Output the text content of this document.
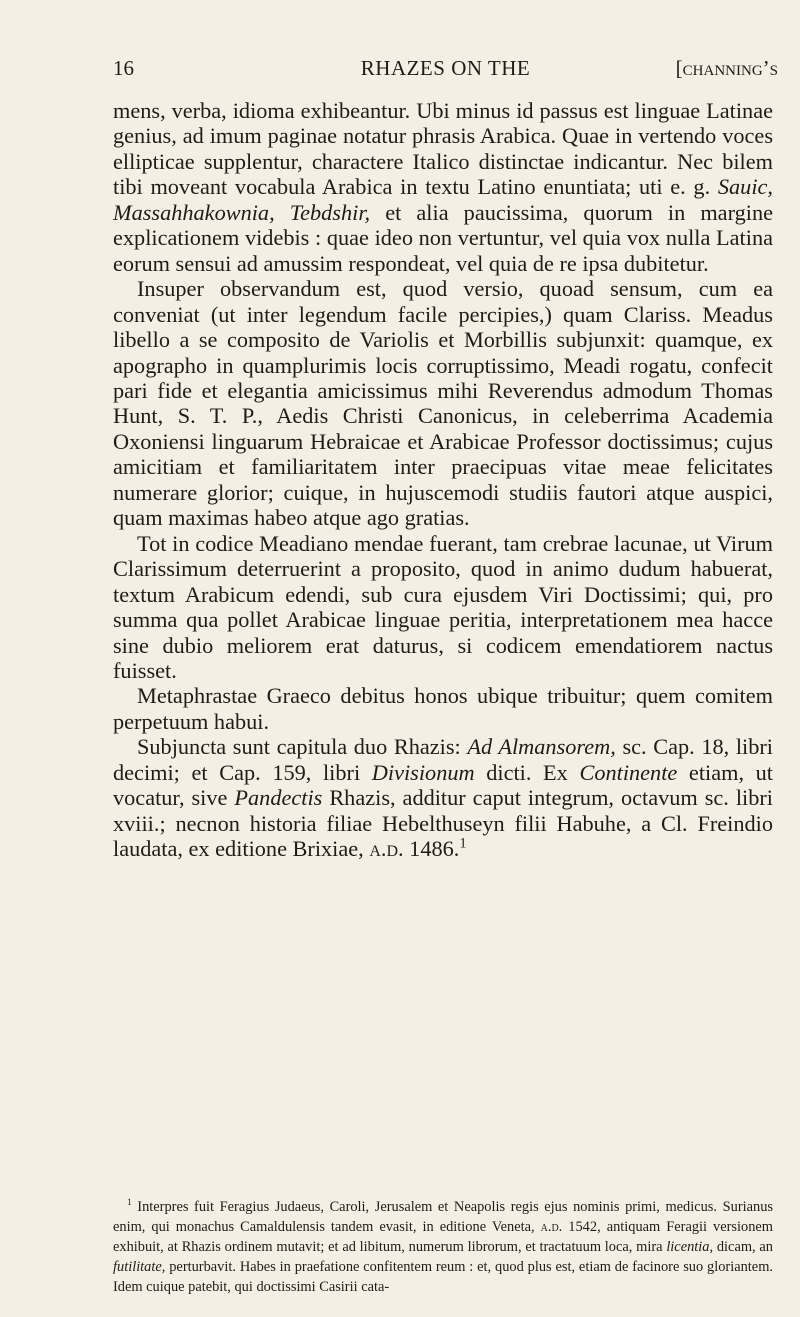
16	RHAZES ON THE	[channing’s

mens, verba, idioma exhibeantur. Ubi minus id passus est linguae Latinae genius, ad imum paginae notatur phrasis Arabica. Quae in vertendo voces ellipticae supplentur, charactere Italico distinctae indicantur. Nec bilem tibi moveant vocabula Arabica in textu Latino enuntiata; uti e. g. Sauic, Massahhakownia, Tebdshir, et alia paucissima, quorum in margine explicationem videbis : quae ideo non vertuntur, vel quia vox nulla Latina eorum sensui ad amussim respondeat, vel quia de re ipsa dubitetur.

Insuper observandum est, quod versio, quoad sensum, cum ea conveniat (ut inter legendum facile percipies,) quam Clariss. Meadus libello a se composito de Variolis et Morbillis subjunxit: quamque, ex apographo in quamplurimis locis corruptissimo, Meadi rogatu, confecit pari fide et elegantia amicissimus mihi Reverendus admodum Thomas Hunt, S. T. P., Aedis Christi Canonicus, in celeberrima Academia Oxoniensi linguarum Hebraicae et Arabicae Professor doctissimus; cujus amicitiam et familiaritatem inter praecipuas vitae meae felicitates numerare glorior; cuique, in hujuscemodi studiis fautori atque auspici, quam maximas habeo atque ago gratias.

Tot in codice Meadiano mendae fuerant, tam crebrae lacunae, ut Virum Clarissimum deterruerint a proposito, quod in animo dudum habuerat, textum Arabicum edendi, sub cura ejusdem Viri Doctissimi; qui, pro summa qua pollet Arabicae linguae peritia, interpretationem mea hacce sine dubio meliorem erat daturus, si codicem emendatiorem nactus fuisset.

Metaphrastae Graeco debitus honos ubique tribuitur; quem comitem perpetuum habui.

Subjuncta sunt capitula duo Rhazis: Ad Almansorem, sc. Cap. 18, libri decimi; et Cap. 159, libri Divisionum dicti. Ex Continente etiam, ut vocatur, sive Pandectis Rhazis, additur caput integrum, octavum sc. libri xviii.; necnon historia filiae Hebelthuseyn filii Habuhe, a Cl. Freindio laudata, ex editione Brixiae, a.d. 1486.$^1$

$^1$ Interpres fuit Feragius Judaeus, Caroli, Jerusalem et Neapolis regis ejus nominis primi, medicus. Surianus enim, qui monachus Camaldulensis tandem evasit, in editione Veneta, a.d. 1542, antiquam Feragii versionem exhibuit, at Rhazis ordinem mutavit; et ad libitum, numerum librorum, et tractatuum loca, mira licentia, dicam, an futilitate, perturbavit. Habes in praefatione confitentem reum : et, quod plus est, etiam de facinore suo gloriantem. Idem cuique patebit, qui doctissimi Casirii cata-
